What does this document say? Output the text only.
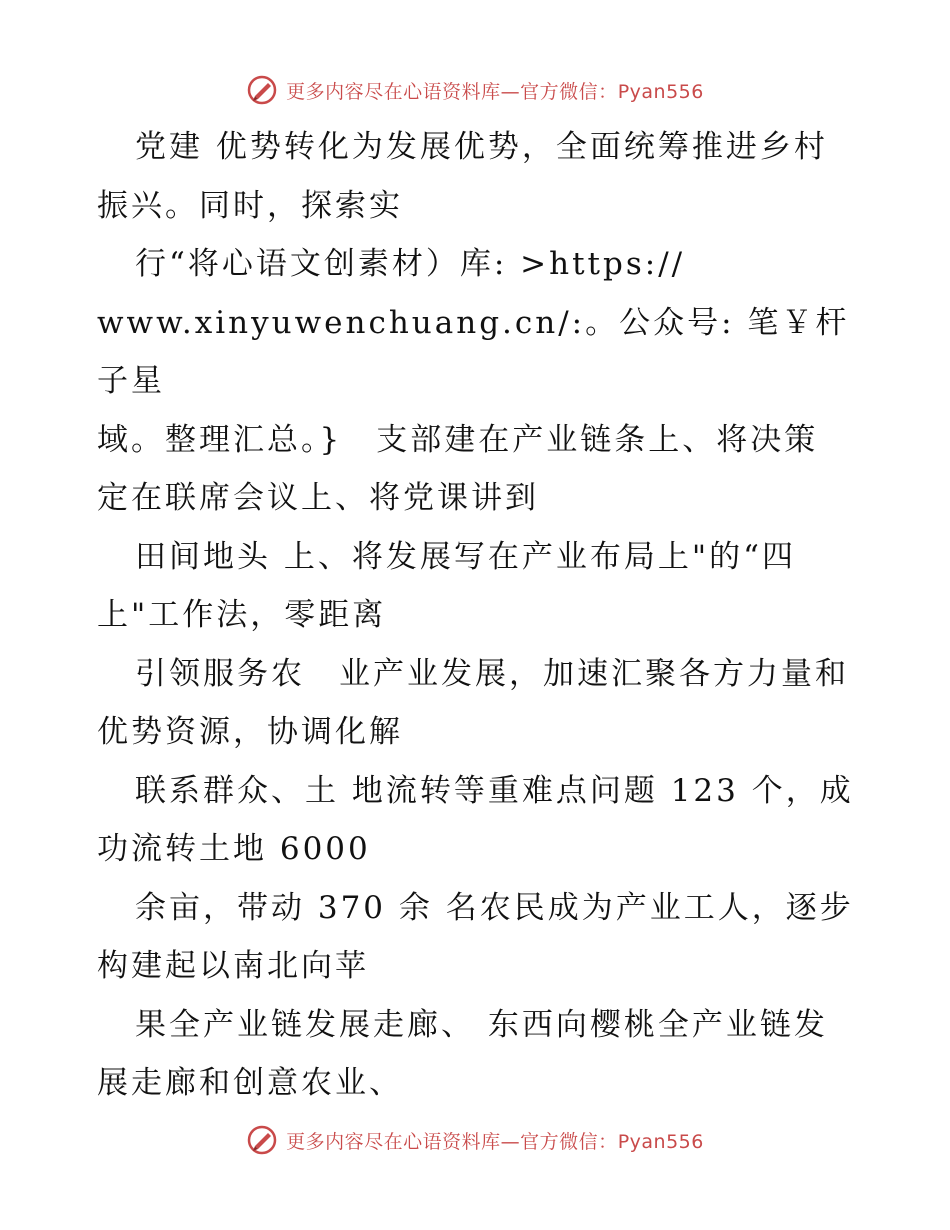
更多内容尽在心语资料库—官方微信：Pyan556

党建 优势转化为发展优势，全面统筹推进乡村
振兴。同时，探索实

行“将心语文创素材）库: >https://
www.xinyuwenchuang.cn/:。公众号: 笔￥杆子星
域。整理汇总。}　支部建在产业链条上、将决策
定在联席会议上、将党课讲到

田间地头 上、将发展写在产业布局上"的“四
上"工作法，零距离

引领服务农　业产业发展，加速汇聚各方力量和
优势资源，协调化解

联系群众、土 地流转等重难点问题 123 个，成
功流转土地 6000

余亩，带动 370 余 名农民成为产业工人，逐步
构建起以南北向苹

果全产业链发展走廊、 东西向樱桃全产业链发
展走廊和创意农业、

更多内容尽在心语资料库—官方微信：Pyan556
